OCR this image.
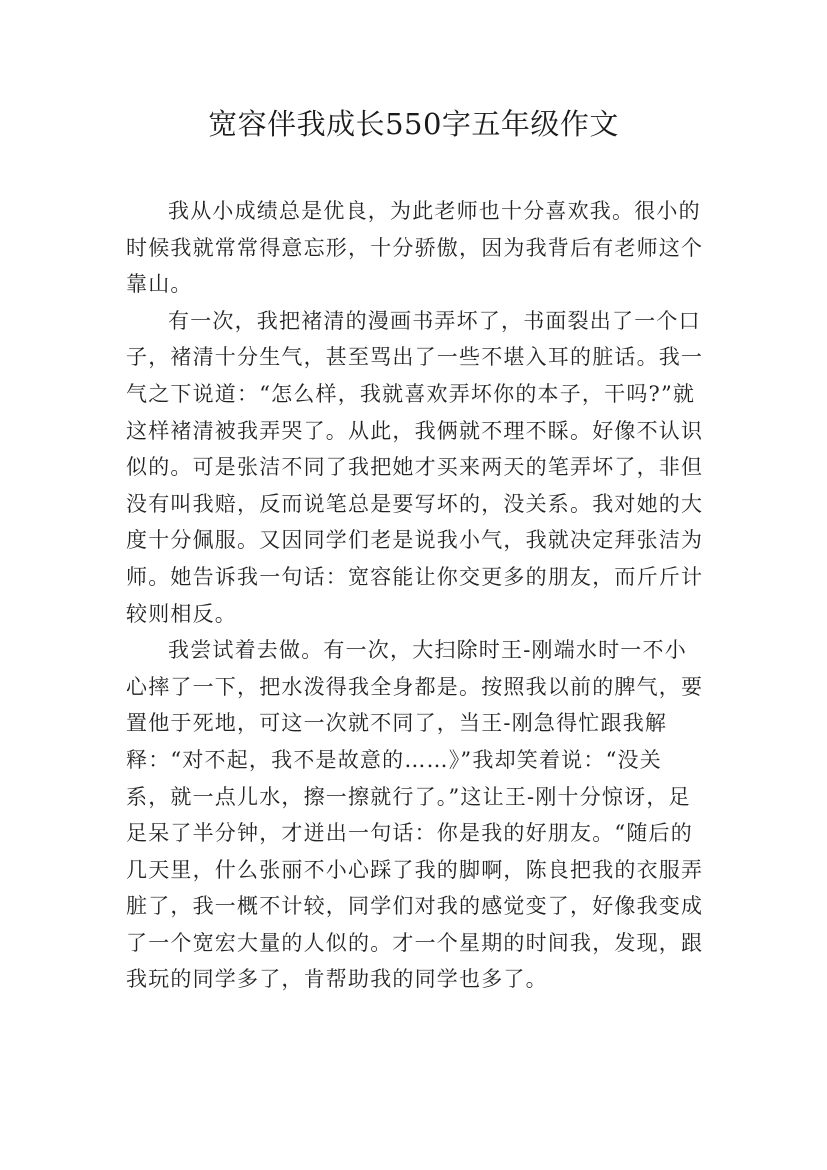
宽容伴我成长550字五年级作文

我从小成绩总是优良，为此老师也十分喜欢我。很小的时候我就常常得意忘形，十分骄傲，因为我背后有老师这个靠山。

有一次，我把褚清的漫画书弄坏了，书面裂出了一个口子，褚清十分生气，甚至骂出了一些不堪入耳的脏话。我一气之下说道：“怎么样，我就喜欢弄坏你的本子，干吗?”就这样褚清被我弄哭了。从此，我俩就不理不睬。好像不认识似的。可是张洁不同了我把她才买来两天的笔弄坏了，非但没有叫我赔，反而说笔总是要写坏的，没关系。我对她的大度十分佩服。又因同学们老是说我小气，我就决定拜张洁为师。她告诉我一句话：宽容能让你交更多的朋友，而斤斤计较则相反。

我尝试着去做。有一次，大扫除时王-刚端水时一不小心摔了一下，把水泼得我全身都是。按照我以前的脾气，要置他于死地，可这一次就不同了，当王-刚急得忙跟我解释：“对不起，我不是故意的……》”我却笑着说：“没关系，就一点儿水，擦一擦就行了。”这让王-刚十分惊讶，足足呆了半分钟，才迸出一句话：你是我的好朋友。“随后的几天里，什么张丽不小心踩了我的脚啊，陈良把我的衣服弄脏了，我一概不计较，同学们对我的感觉变了，好像我变成了一个宽宏大量的人似的。才一个星期的时间我，发现，跟我玩的同学多了，肯帮助我的同学也多了。
